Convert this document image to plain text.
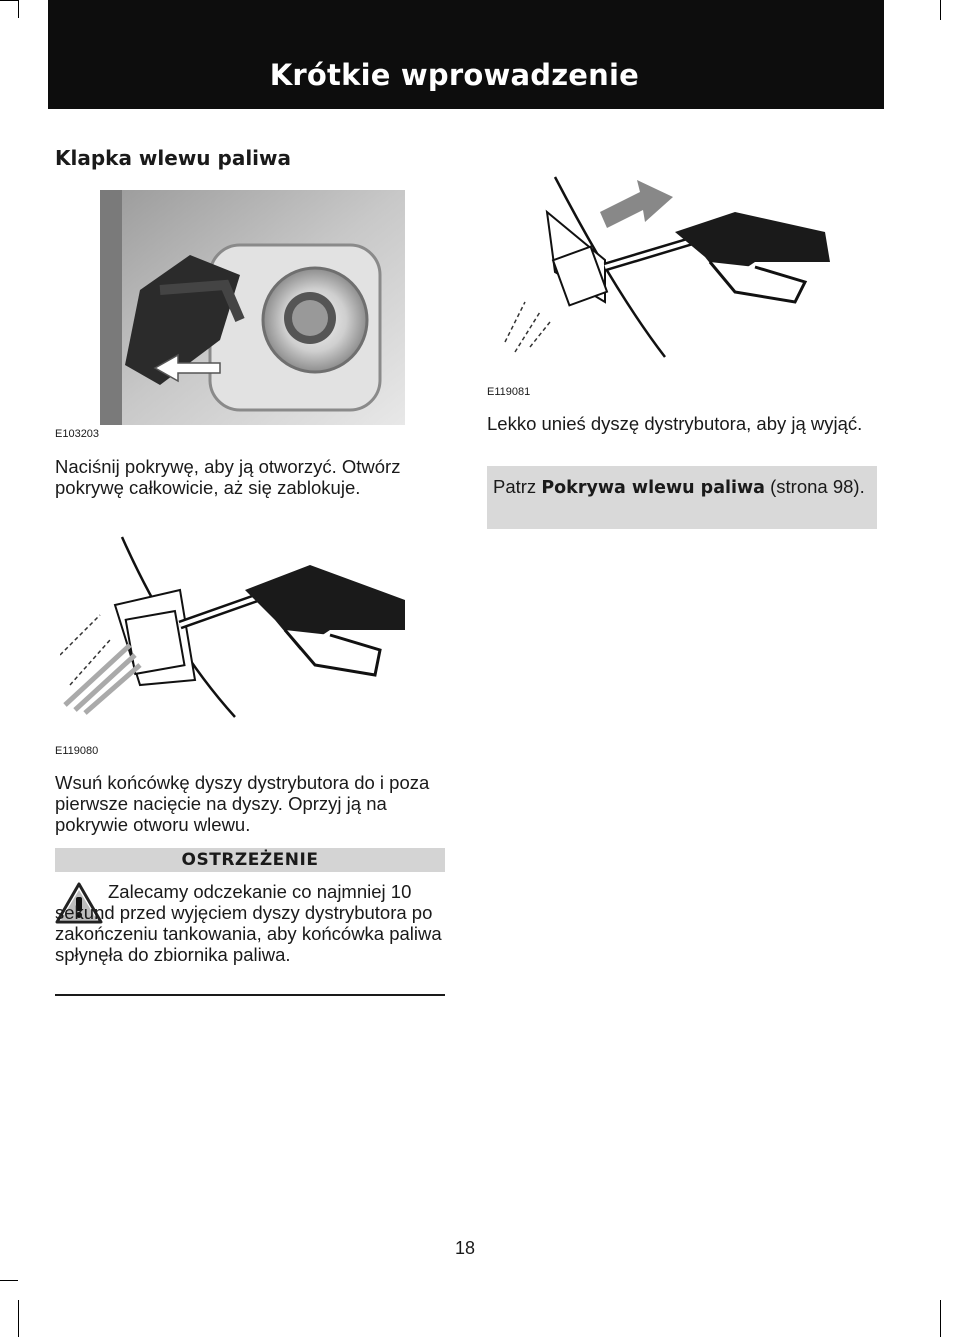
Krótkie wprowadzenie
Klapka wlewu paliwa
E103203
Naciśnij pokrywę, aby ją otworzyć. Otwórz pokrywę całkowicie, aż się zablokuje.
E119081
Lekko unieś dyszę dystrybutora, aby ją wyjąć.
Patrz Pokrywa wlewu paliwa (strona 98).
E119080
Wsuń końcówkę dyszy dystrybutora do i poza pierwsze nacięcie na dyszy. Oprzyj ją na pokrywie otworu wlewu.
OSTRZEŻENIE
Zalecamy odczekanie co najmniej 10 sekund przed wyjęciem dyszy dystrybutora po zakończeniu tankowania, aby końcówka paliwa spłynęła do zbiornika paliwa.
18
